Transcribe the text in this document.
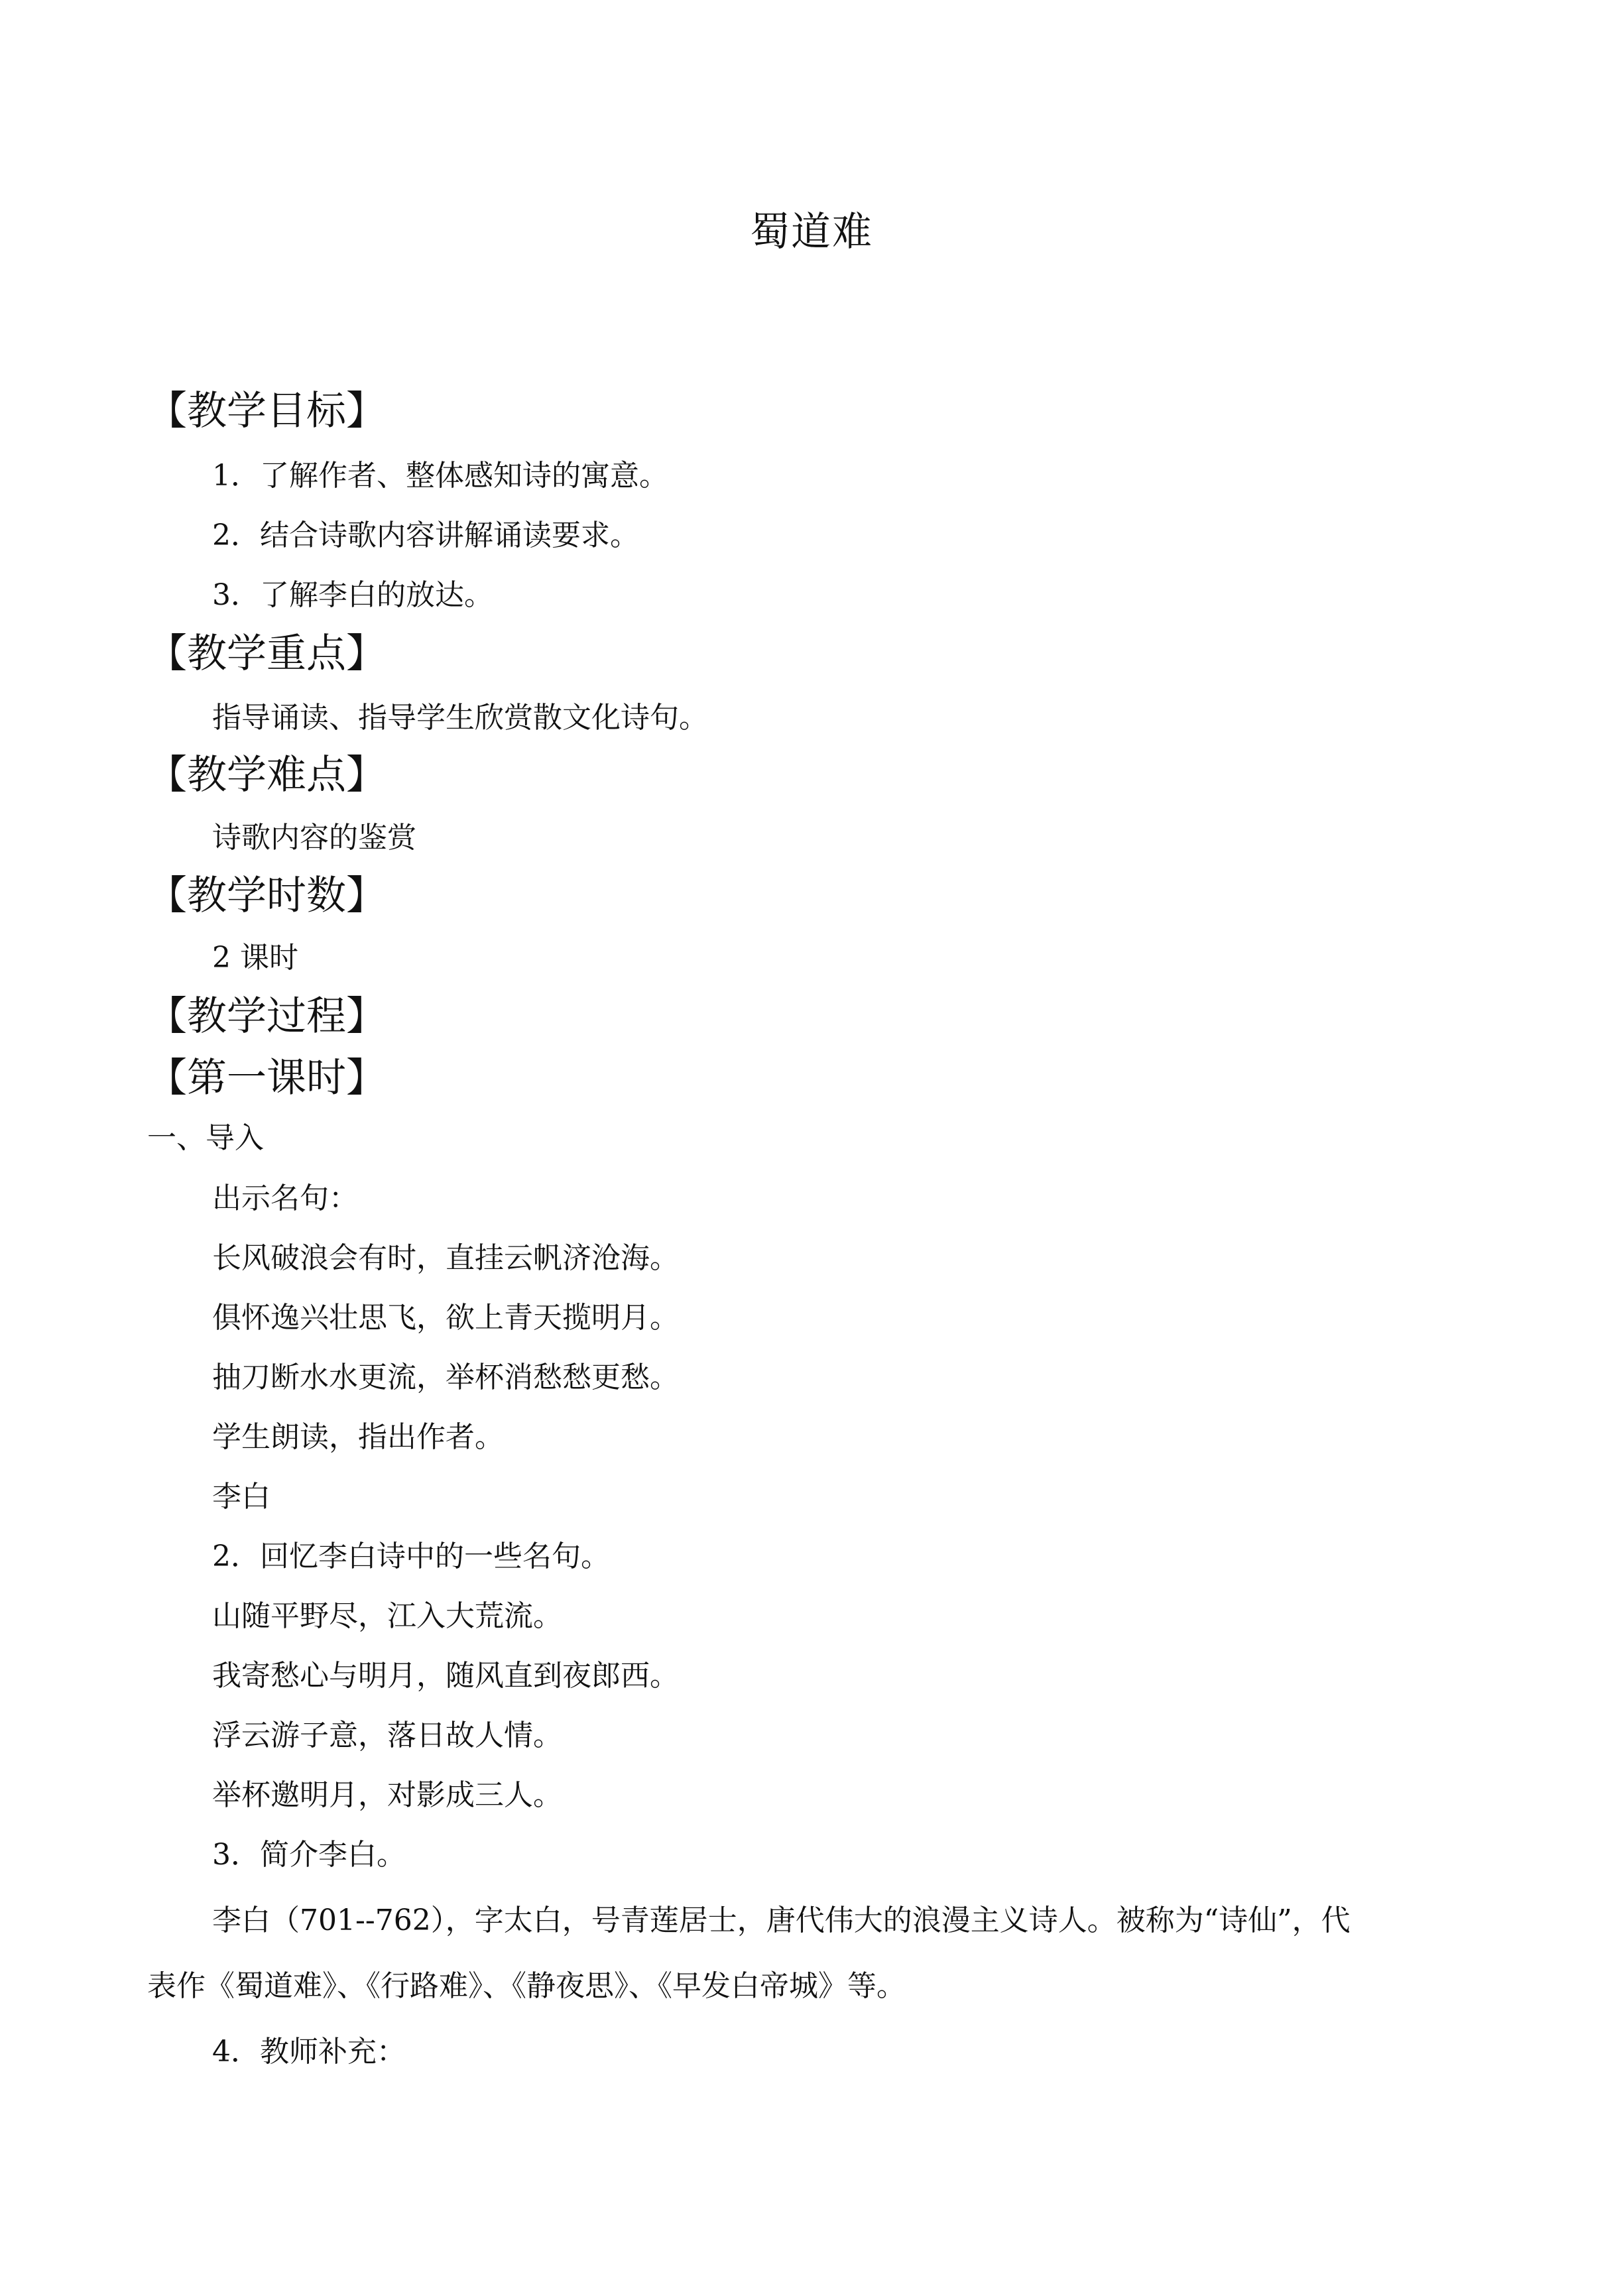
蜀道难
【教学目标】
1．了解作者、整体感知诗的寓意。
2．结合诗歌内容讲解诵读要求。
3．了解李白的放达。
【教学重点】
指导诵读、指导学生欣赏散文化诗句。
【教学难点】
诗歌内容的鉴赏
【教学时数】
2 课时
【教学过程】
【第一课时】
一、导入
出示名句：
长风破浪会有时，直挂云帆济沧海。
俱怀逸兴壮思飞，欲上青天揽明月。
抽刀断水水更流，举杯消愁愁更愁。
学生朗读，指出作者。
李白
2．回忆李白诗中的一些名句。
山随平野尽，江入大荒流。
我寄愁心与明月，随风直到夜郎西。
浮云游子意，落日故人情。
举杯邀明月，对影成三人。
3．简介李白。
李白（701--762），字太白，号青莲居士，唐代伟大的浪漫主义诗人。被称为“诗仙”，代
表作《蜀道难》、《行路难》、《静夜思》、《早发白帝城》等。
4．教师补充：
